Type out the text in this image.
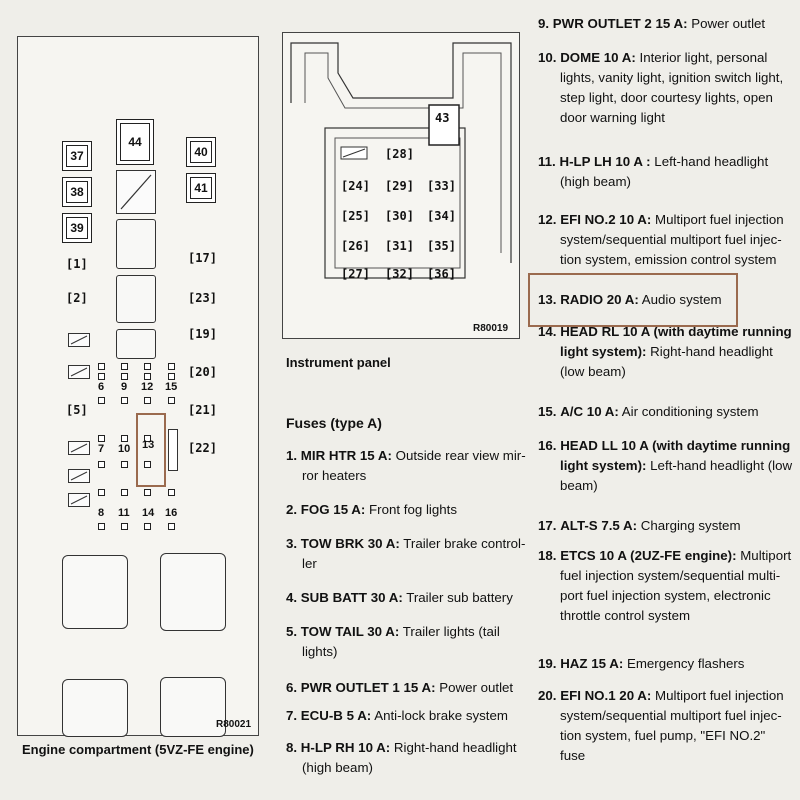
37
38
39
44
40
41
[1]
[2]
[5]
[17]
[23]
[19]
[20]
[21]
[22]
6 9 12 15
7 10 13
8 11 14 16
R80021
Engine compartment (5VZ-FE engine)
43
[28]
[24] [29] [33]
[25] [30] [34]
[26] [31] [35]
[27] [32] [36]
R80019
Instrument panel
Fuses (type A)
1. MIR HTR 15 A: Outside rear view mir-
ror heaters
2. FOG 15 A: Front fog lights
3. TOW BRK 30 A: Trailer brake control-
ler
4. SUB BATT 30 A: Trailer sub battery
5. TOW TAIL 30 A: Trailer lights (tail
lights)
6. PWR OUTLET 1 15 A: Power outlet
7. ECU-B 5 A: Anti-lock brake system
8. H-LP RH 10 A: Right-hand headlight
(high beam)
9. PWR OUTLET 2 15 A: Power outlet
10. DOME 10 A: Interior light, personal
lights, vanity light, ignition switch light,
step light, door courtesy lights, open
door warning light
11. H-LP LH 10 A : Left-hand headlight
(high beam)
12. EFI NO.2 10 A: Multiport fuel injection
system/sequential multiport fuel injec-
tion system, emission control system
13. RADIO 20 A: Audio system
14. HEAD RL 10 A (with daytime running
light system): Right-hand headlight
(low beam)
15. A/C 10 A: Air conditioning system
16. HEAD LL 10 A (with daytime running
light system): Left-hand headlight (low
beam)
17. ALT-S 7.5 A: Charging system
18. ETCS 10 A (2UZ-FE engine): Multiport
fuel injection system/sequential multi-
port fuel injection system, electronic
throttle control system
19. HAZ 15 A: Emergency flashers
20. EFI NO.1 20 A: Multiport fuel injection
system/sequential multiport fuel injec-
tion system, fuel pump, "EFI NO.2"
fuse
